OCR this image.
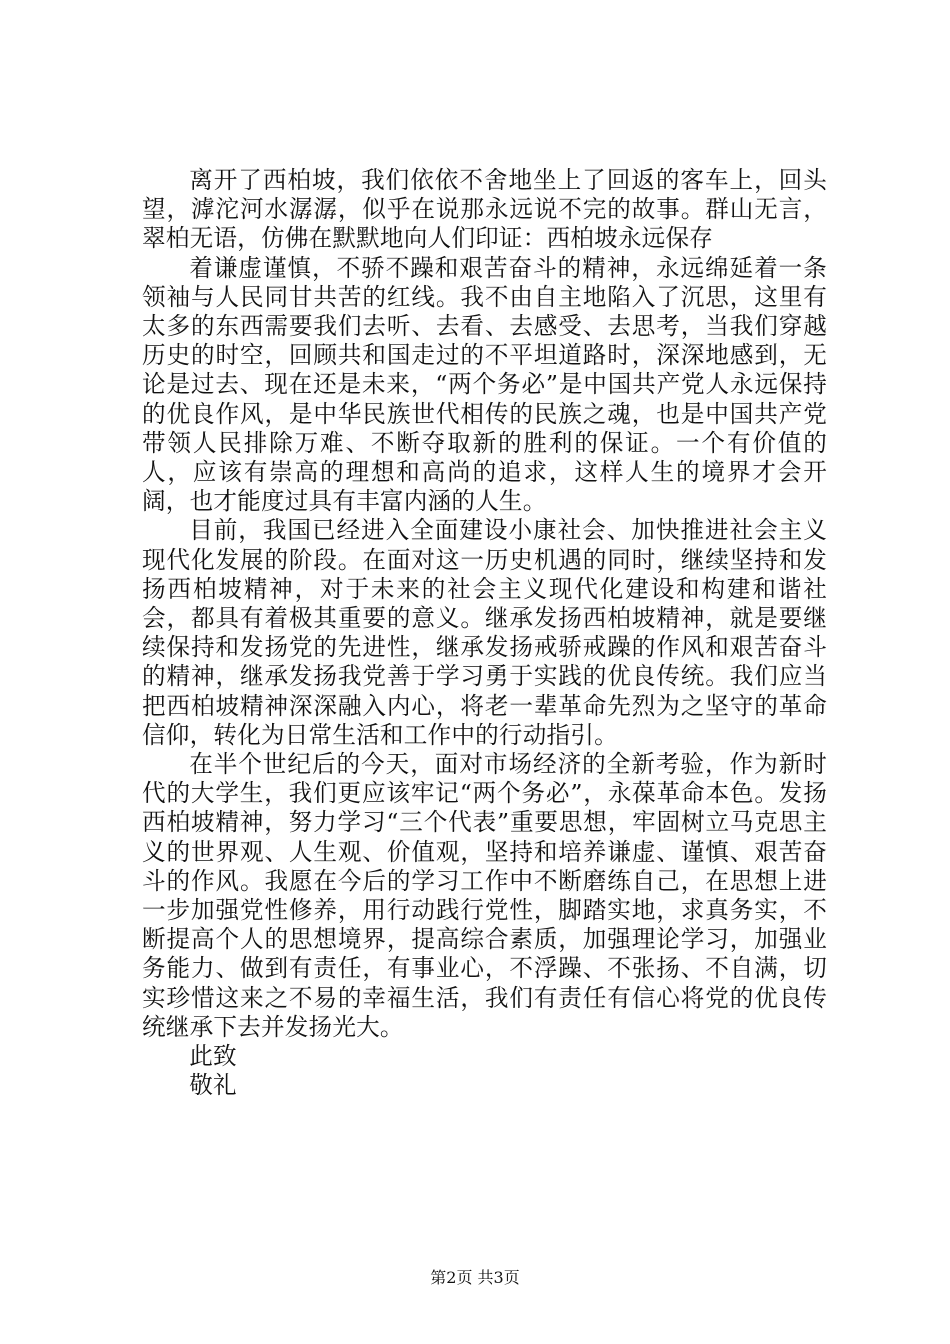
离开了西柏坡，我们依依不舍地坐上了回返的客车上，回头望，滹沱河水潺潺，似乎在说那永远说不完的故事。群山无言，翠柏无语，仿佛在默默地向人们印证：西柏坡永远保存

着谦虚谨慎，不骄不躁和艰苦奋斗的精神，永远绵延着一条领袖与人民同甘共苦的红线。我不由自主地陷入了沉思，这里有太多的东西需要我们去听、去看、去感受、去思考，当我们穿越历史的时空，回顾共和国走过的不平坦道路时，深深地感到，无论是过去、现在还是未来，“两个务必”是中国共产党人永远保持的优良作风，是中华民族世代相传的民族之魂，也是中国共产党带领人民排除万难、不断夺取新的胜利的保证。一个有价值的人，应该有崇高的理想和高尚的追求，这样人生的境界才会开阔，也才能度过具有丰富内涵的人生。

目前，我国已经进入全面建设小康社会、加快推进社会主义现代化发展的阶段。在面对这一历史机遇的同时，继续坚持和发扬西柏坡精神，对于未来的社会主义现代化建设和构建和谐社会，都具有着极其重要的意义。继承发扬西柏坡精神，就是要继续保持和发扬党的先进性，继承发扬戒骄戒躁的作风和艰苦奋斗的精神，继承发扬我党善于学习勇于实践的优良传统。我们应当把西柏坡精神深深融入内心，将老一辈革命先烈为之坚守的革命信仰，转化为日常生活和工作中的行动指引。

在半个世纪后的今天，面对市场经济的全新考验，作为新时代的大学生，我们更应该牢记“两个务必”，永葆革命本色。发扬西柏坡精神，努力学习“三个代表”重要思想，牢固树立马克思主义的世界观、人生观、价值观，坚持和培养谦虚、谨慎、艰苦奋斗的作风。我愿在今后的学习工作中不断磨练自己，在思想上进一步加强党性修养，用行动践行党性，脚踏实地，求真务实，不断提高个人的思想境界，提高综合素质，加强理论学习，加强业务能力、做到有责任，有事业心，不浮躁、不张扬、不自满，切实珍惜这来之不易的幸福生活，我们有责任有信心将党的优良传统继承下去并发扬光大。

此致

敬礼

第2页 共3页
